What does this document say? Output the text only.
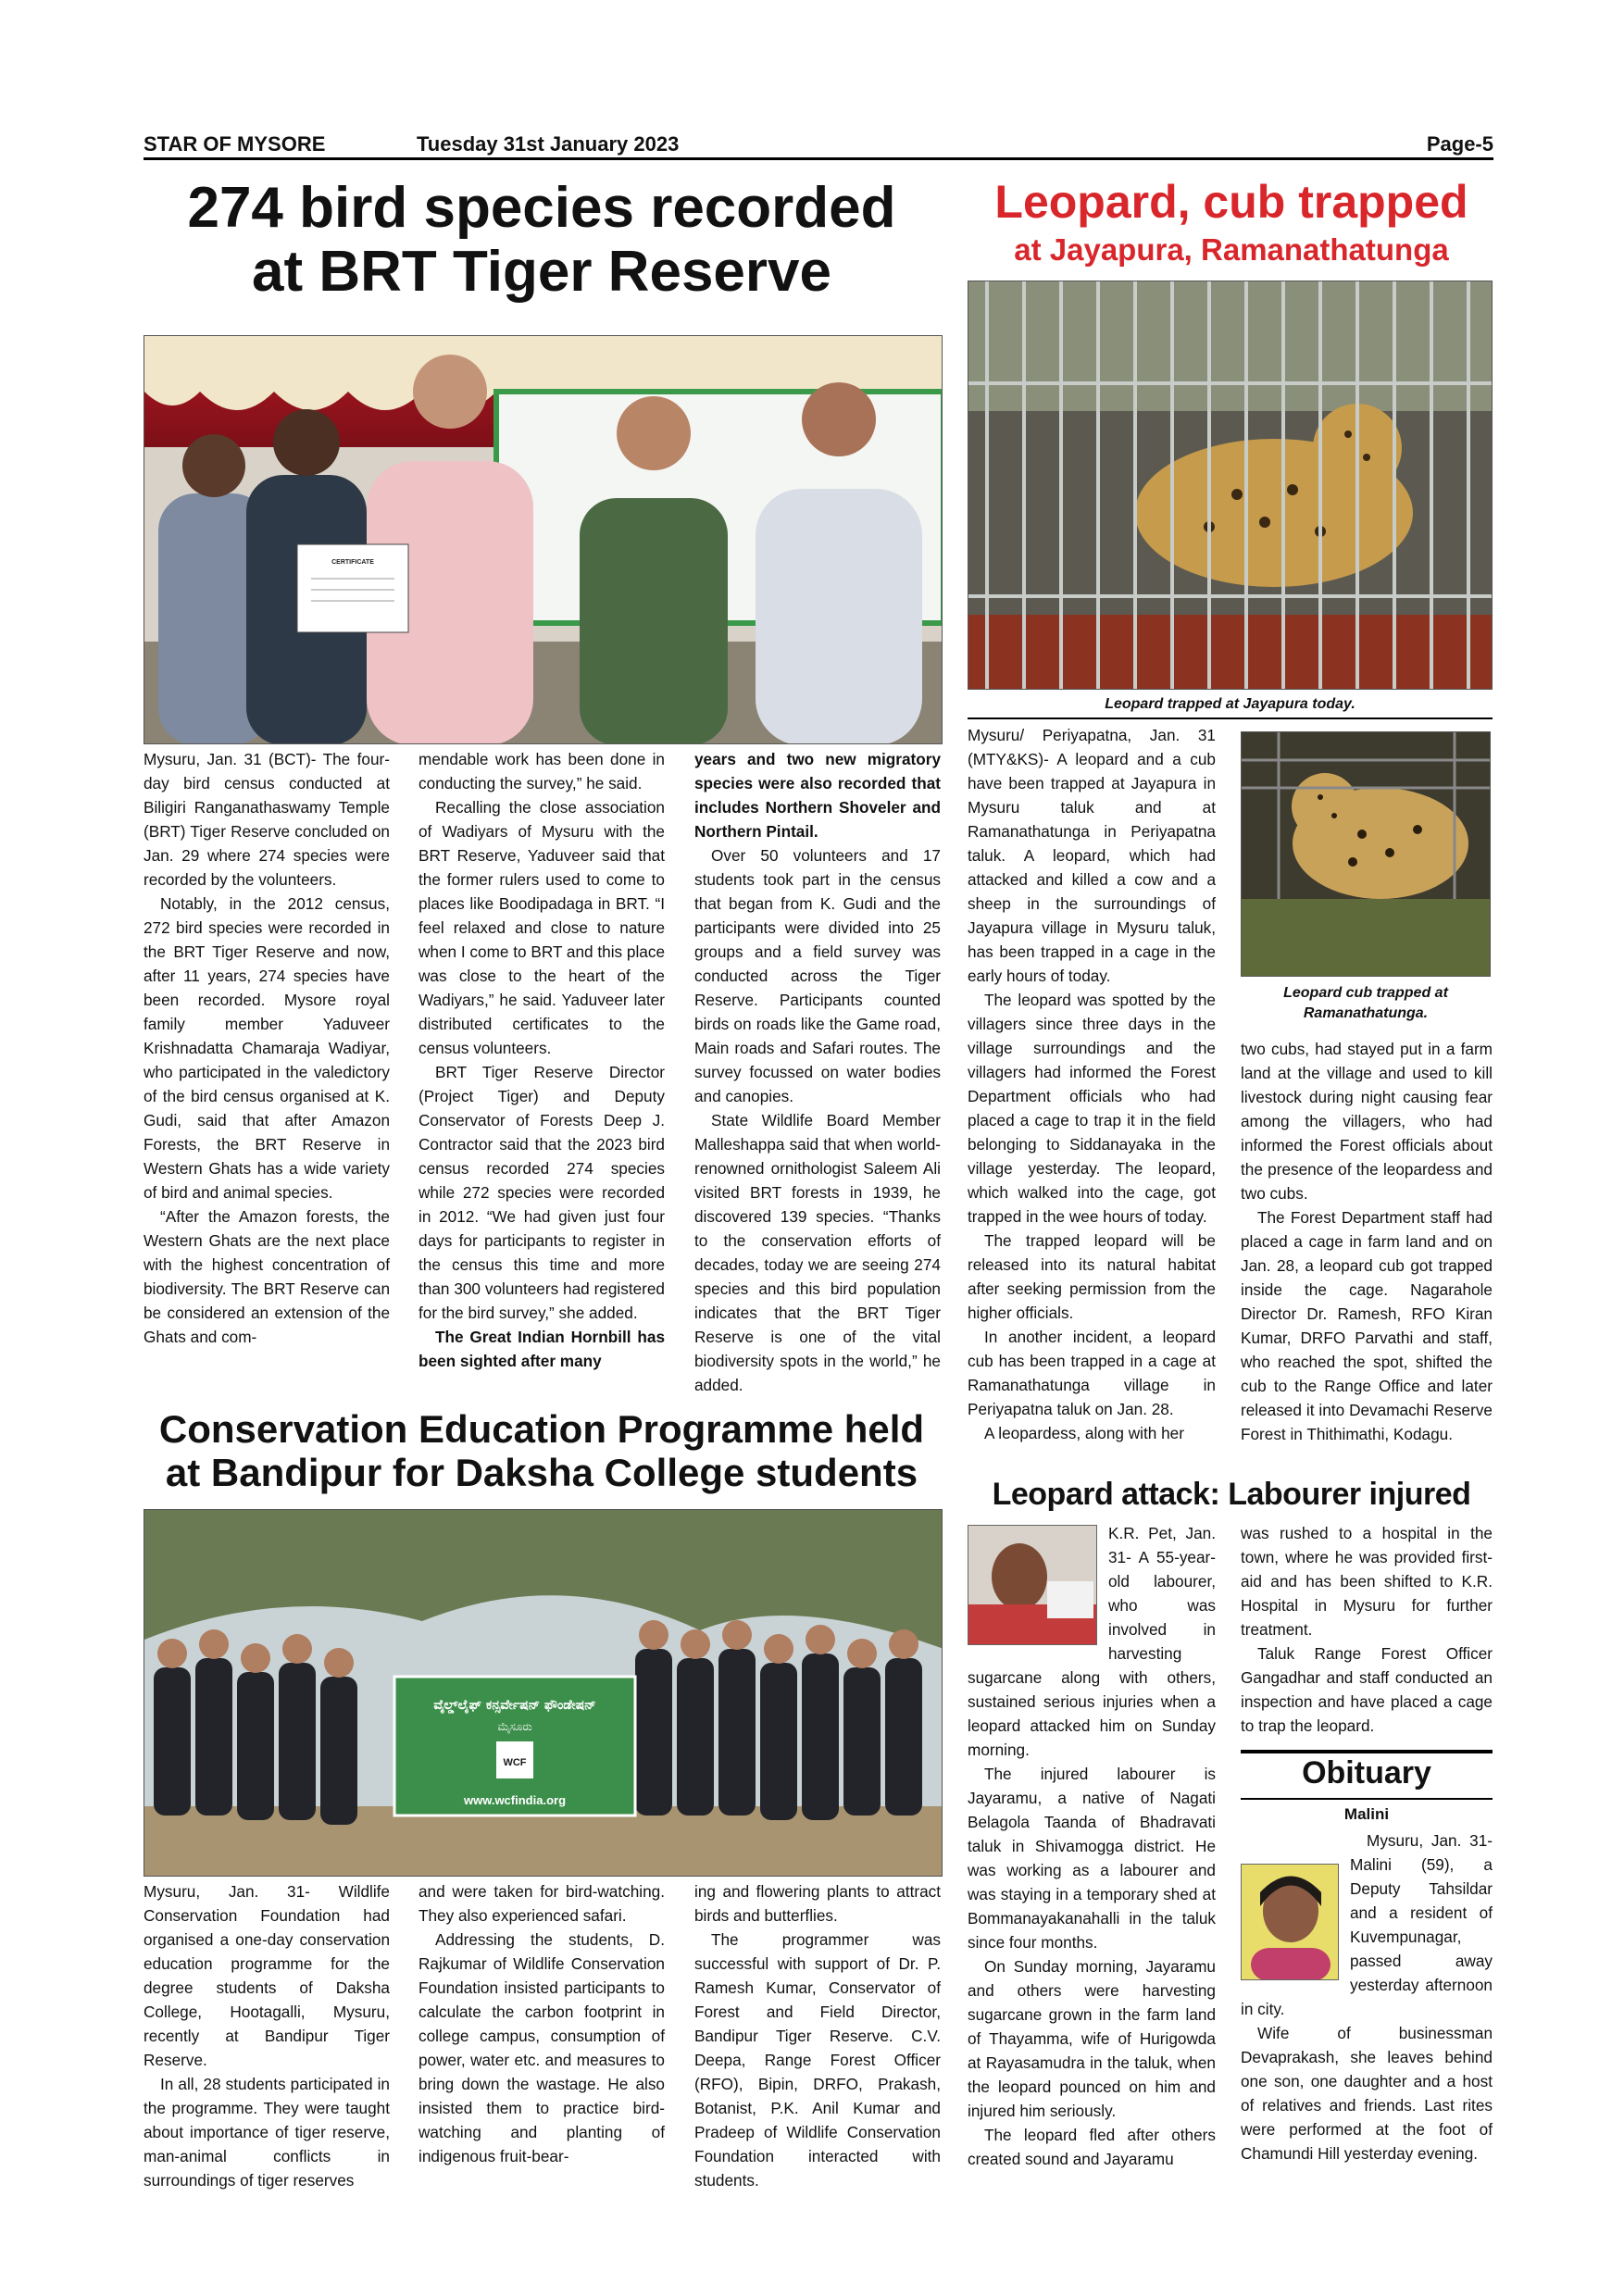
STAR OF MYSORE	Tuesday 31st January 2023	Page-5
274 bird species recorded
at BRT Tiger Reserve
CERTIFICATE

Mysuru, Jan. 31 (BCT)- The four-day bird census conducted at Biligiri Ranganathaswamy Temple (BRT) Tiger Reserve concluded on Jan. 29 where 274 species were recorded by the volunteers.

Notably, in the 2012 census, 272 bird species were recorded in the BRT Tiger Reserve and now, after 11 years, 274 species have been recorded. Mysore royal family member Yaduveer Krishnadatta Chamaraja Wadiyar, who participated in the valedictory of the bird census organised at K. Gudi, said that after Amazon Forests, the BRT Reserve in Western Ghats has a wide variety of bird and animal species.

“After the Amazon forests, the Western Ghats are the next place with the highest concentration of biodiversity. The BRT Reserve can be considered an extension of the Ghats and com-

mendable work has been done in conducting the survey,” he said.

Recalling the close association of Wadiyars of Mysuru with the BRT Reserve, Yaduveer said that the former rulers used to come to places like Boodipadaga in BRT. “I feel relaxed and close to nature when I come to BRT and this place was close to the heart of the Wadiyars,” he said. Yaduveer later distributed certificates to the census volunteers.

BRT Tiger Reserve Director (Project Tiger) and Deputy Conservator of Forests Deep J. Contractor said that the 2023 bird census recorded 274 species while 272 species were recorded in 2012. “We had given just four days for participants to register in the census this time and more than 300 volunteers had registered for the bird survey,” she added.

The Great Indian Hornbill has been sighted after many

years and two new migratory species were also recorded that includes Northern Shoveler and Northern Pintail.

Over 50 volunteers and 17 students took part in the census that began from K. Gudi and the participants were divided into 25 groups and a field survey was conducted across the Tiger Reserve. Participants counted birds on roads like the Game road, Main roads and Safari routes. The survey focussed on water bodies and canopies.

State Wildlife Board Member Malleshappa said that when world-renowned ornithologist Saleem Ali visited BRT forests in 1939, he discovered 139 species. “Thanks to the conservation efforts of decades, today we are seeing 274 species and this bird population indicates that the BRT Tiger Reserve is one of the vital biodiversity spots in the world,” he added.

Leopard, cub trapped
at Jayapura, Ramanathatunga
Leopard trapped at Jayapura today.

Mysuru/ Periyapatna, Jan. 31 (MTY&KS)- A leopard and a cub have been trapped at Jayapura in Mysuru taluk and at Ramanathatunga in Periyapatna taluk. A leopard, which had attacked and killed a cow and a sheep in the surroundings of Jayapura village in Mysuru taluk, has been trapped in a cage in the early hours of today.

The leopard was spotted by the villagers since three days in the village surroundings and the villagers had informed the Forest Department officials who had placed a cage to trap it in the field belonging to Siddanayaka in the village yesterday. The leopard, which walked into the cage, got trapped in the wee hours of today.

The trapped leopard will be released into its natural habitat after seeking permission from the higher officials.

In another incident, a leopard cub has been trapped in a cage at Ramanathatunga village in Periyapatna taluk on Jan. 28.

A leopardess, along with her

Leopard cub trapped at
Ramanathatunga.

two cubs, had stayed put in a farm land at the village and used to kill livestock during night causing fear among the villagers, who had informed the Forest officials about the presence of the leopardess and two cubs.

The Forest Department staff had placed a cage in farm land and on Jan. 28, a leopard cub got trapped inside the cage. Nagarahole Director Dr. Ramesh, RFO Kiran Kumar, DRFO Parvathi and staff, who reached the spot, shifted the cub to the Range Office and later released it into Devamachi Reserve Forest in Thithimathi, Kodagu.

Conservation Education Programme held
at Bandipur for Daksha College students
ವೈಲ್ಡ್‌ಲೈಫ್ ಕನ್ಸರ್ವೇಷನ್ ಫೌಂಡೇಷನ್
ಮೈಸೂರು
WCF
www.wcfindia.org

Mysuru, Jan. 31- Wildlife Conservation Foundation had organised a one-day conservation education programme for the degree students of Daksha College, Hootagalli, Mysuru, recently at Bandipur Tiger Reserve.

In all, 28 students participated in the programme. They were taught about importance of tiger reserve, man-animal conflicts in surroundings of tiger reserves

and were taken for bird-watching. They also experienced safari.

Addressing the students, D. Rajkumar of Wildlife Conservation Foundation insisted participants to calculate the carbon footprint in college campus, consumption of power, water etc. and measures to bring down the wastage. He also insisted them to practice bird-watching and planting of indigenous fruit-bear-

ing and flowering plants to attract birds and butterflies.

The programmer was successful with support of Dr. P. Ramesh Kumar, Conservator of Forest and Field Director, Bandipur Tiger Reserve. C.V. Deepa, Range Forest Officer (RFO), Bipin, DRFO, Prakash, Botanist, P.K. Anil Kumar and Pradeep of Wildlife Conservation Foundation interacted with students.

Leopard attack: Labourer injured

K.R. Pet, Jan. 31- A 55-year-old labourer, who was involved in harvesting sugarcane along with others, sustained serious injuries when a leopard attacked him on Sunday morning.

The injured labourer is Jayaramu, a native of Nagati Belagola Taanda of Bhadravati taluk in Shivamogga district. He was working as a labourer and was staying in a temporary shed at Bommanayakanahalli in the taluk since four months.

On Sunday morning, Jayaramu and others were harvesting sugarcane grown in the farm land of Thayamma, wife of Hurigowda at Rayasamudra in the taluk, when the leopard pounced on him and injured him seriously.

The leopard fled after others created sound and Jayaramu

was rushed to a hospital in the town, where he was provided first-aid and has been shifted to K.R. Hospital in Mysuru for further treatment.

Taluk Range Forest Officer Gangadhar and staff conducted an inspection and have placed a cage to trap the leopard.

Obituary
Malini

Mysuru, Jan. 31- Malini (59), a Deputy Tahsildar and a resident of Kuvempunagar, passed away yesterday afternoon in city.

Wife of businessman Devaprakash, she leaves behind one son, one daughter and a host of relatives and friends. Last rites were performed at the foot of Chamundi Hill yesterday evening.
